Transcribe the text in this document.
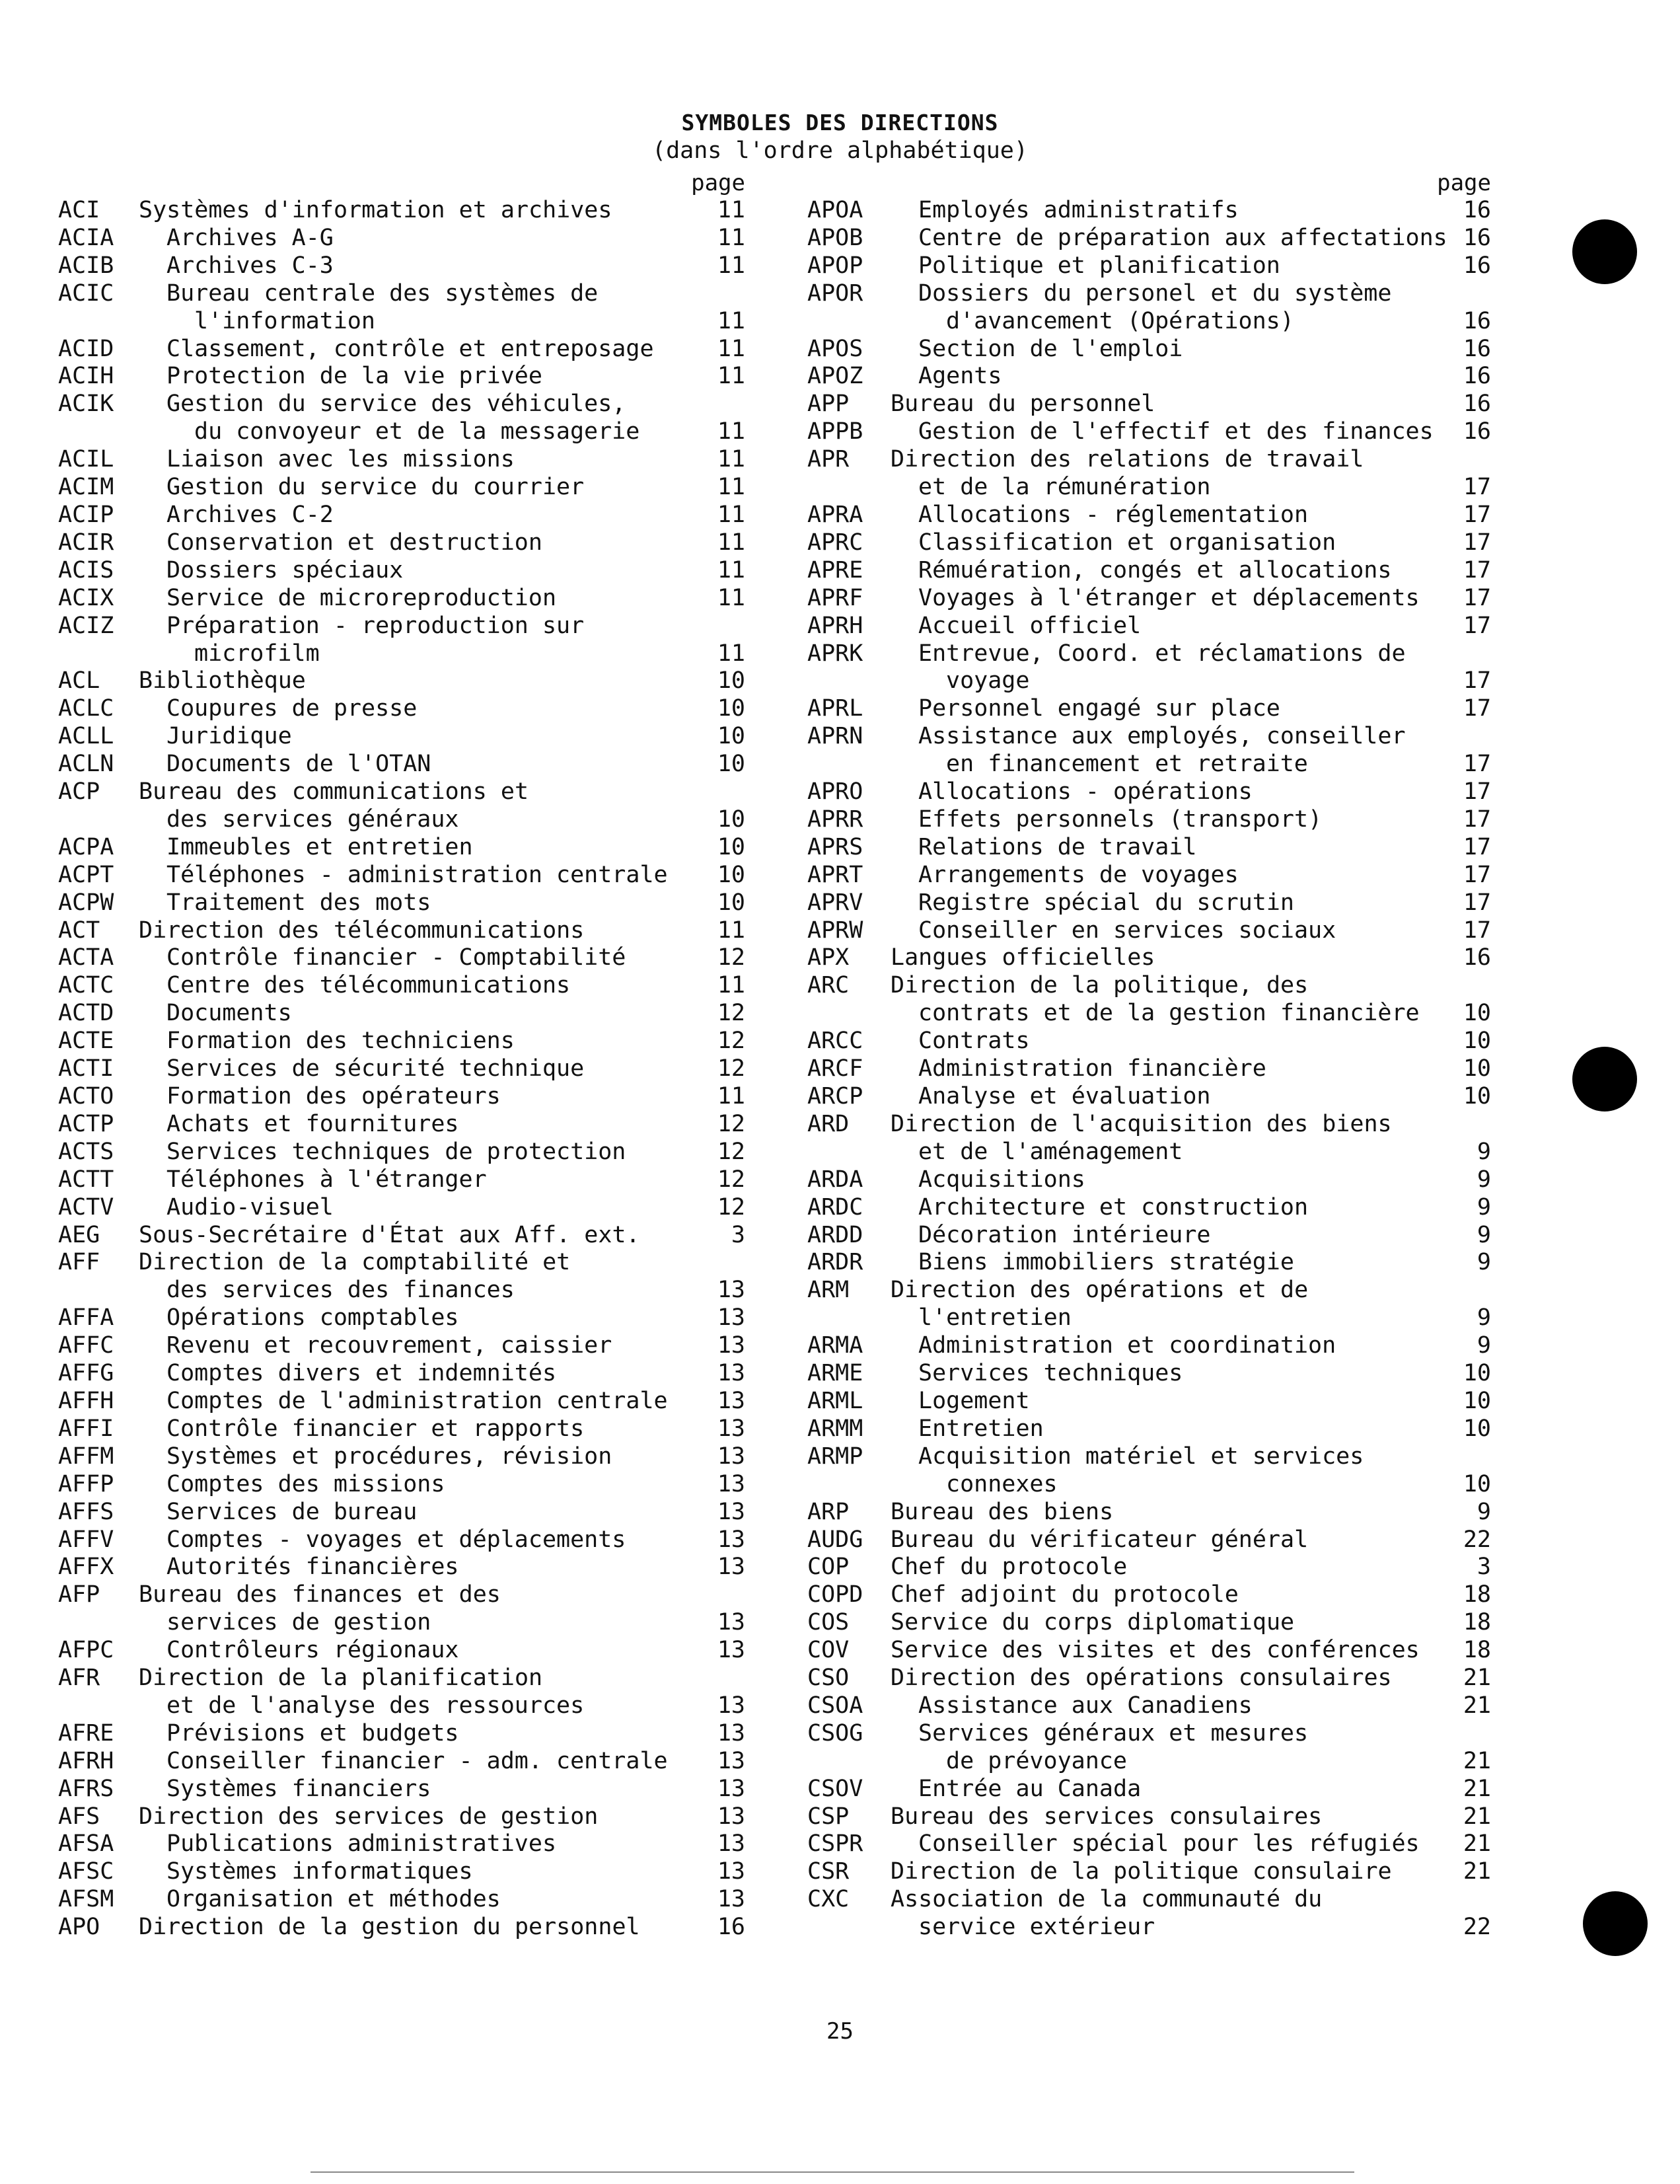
SYMBOLES DES DIRECTIONS
(dans l'ordre alphabétique)
page
ACI	Systèmes d'information et archives	11
ACIA	Archives A-G	11
ACIB	Archives C-3	11
ACIC	Bureau centrale des systèmes de
l'information	11
ACID	Classement, contrôle et entreposage	11
ACIH	Protection de la vie privée	11
ACIK	Gestion du service des véhicules,
du convoyeur et de la messagerie	11
ACIL	Liaison avec les missions	11
ACIM	Gestion du service du courrier	11
ACIP	Archives C-2	11
ACIR	Conservation et destruction	11
ACIS	Dossiers spéciaux	11
ACIX	Service de microreproduction	11
ACIZ	Préparation - reproduction sur
microfilm	11
ACL	Bibliothèque	10
ACLC	Coupures de presse	10
ACLL	Juridique	10
ACLN	Documents de l'OTAN	10
ACP	Bureau des communications et
des services généraux	10
ACPA	Immeubles et entretien	10
ACPT	Téléphones - administration centrale	10
ACPW	Traitement des mots	10
ACT	Direction des télécommunications	11
ACTA	Contrôle financier - Comptabilité	12
ACTC	Centre des télécommunications	11
ACTD	Documents	12
ACTE	Formation des techniciens	12
ACTI	Services de sécurité technique	12
ACTO	Formation des opérateurs	11
ACTP	Achats et fournitures	12
ACTS	Services techniques de protection	12
ACTT	Téléphones à l'étranger	12
ACTV	Audio-visuel	12
AEG	Sous-Secrétaire d'État aux Aff. ext.	3
AFF	Direction de la comptabilité et
des services des finances	13
AFFA	Opérations comptables	13
AFFC	Revenu et recouvrement, caissier	13
AFFG	Comptes divers et indemnités	13
AFFH	Comptes de l'administration centrale	13
AFFI	Contrôle financier et rapports	13
AFFM	Systèmes et procédures, révision	13
AFFP	Comptes des missions	13
AFFS	Services de bureau	13
AFFV	Comptes - voyages et déplacements	13
AFFX	Autorités financières	13
AFP	Bureau des finances et des
services de gestion	13
AFPC	Contrôleurs régionaux	13
AFR	Direction de la planification
et de l'analyse des ressources	13
AFRE	Prévisions et budgets	13
AFRH	Conseiller financier - adm. centrale	13
AFRS	Systèmes financiers	13
AFS	Direction des services de gestion	13
AFSA	Publications administratives	13
AFSC	Systèmes informatiques	13
AFSM	Organisation et méthodes	13
APO	Direction de la gestion du personnel	16
page
APOA	Employés administratifs	16
APOB	Centre de préparation aux affectations 16
APOP	Politique et planification	16
APOR	Dossiers du personel et du système
d'avancement (Opérations)	16
APOS	Section de l'emploi	16
APOZ	Agents	16
APP	Bureau du personnel	16
APPB	Gestion de l'effectif et des finances	16
APR	Direction des relations de travail
et de la rémunération	17
APRA	Allocations - réglementation	17
APRC	Classification et organisation	17
APRE	Rémuération, congés et allocations	17
APRF	Voyages à l'étranger et déplacements	17
APRH	Accueil officiel	17
APRK	Entrevue, Coord. et réclamations de
voyage	17
APRL	Personnel engagé sur place	17
APRN	Assistance aux employés, conseiller
en financement et retraite	17
APRO	Allocations - opérations	17
APRR	Effets personnels (transport)	17
APRS	Relations de travail	17
APRT	Arrangements de voyages	17
APRV	Registre spécial du scrutin	17
APRW	Conseiller en services sociaux	17
APX	Langues officielles	16
ARC	Direction de la politique, des
contrats et de la gestion financière	10
ARCC	Contrats	10
ARCF	Administration financière	10
ARCP	Analyse et évaluation	10
ARD	Direction de l'acquisition des biens
et de l'aménagement	9
ARDA	Acquisitions	9
ARDC	Architecture et construction	9
ARDD	Décoration intérieure	9
ARDR	Biens immobiliers stratégie	9
ARM	Direction des opérations et de
l'entretien	9
ARMA	Administration et coordination	9
ARME	Services techniques	10
ARML	Logement	10
ARMM	Entretien	10
ARMP	Acquisition matériel et services
connexes	10
ARP	Bureau des biens	9
AUDG	Bureau du vérificateur général	22
COP	Chef du protocole	3
COPD	Chef adjoint du protocole	18
COS	Service du corps diplomatique	18
COV	Service des visites et des conférences	18
CSO	Direction des opérations consulaires	21
CSOA	Assistance aux Canadiens	21
CSOG	Services généraux et mesures
de prévoyance	21
CSOV	Entrée au Canada	21
CSP	Bureau des services consulaires	21
CSPR	Conseiller spécial pour les réfugiés	21
CSR	Direction de la politique consulaire	21
CXC	Association de la communauté du
service extérieur	22
25
